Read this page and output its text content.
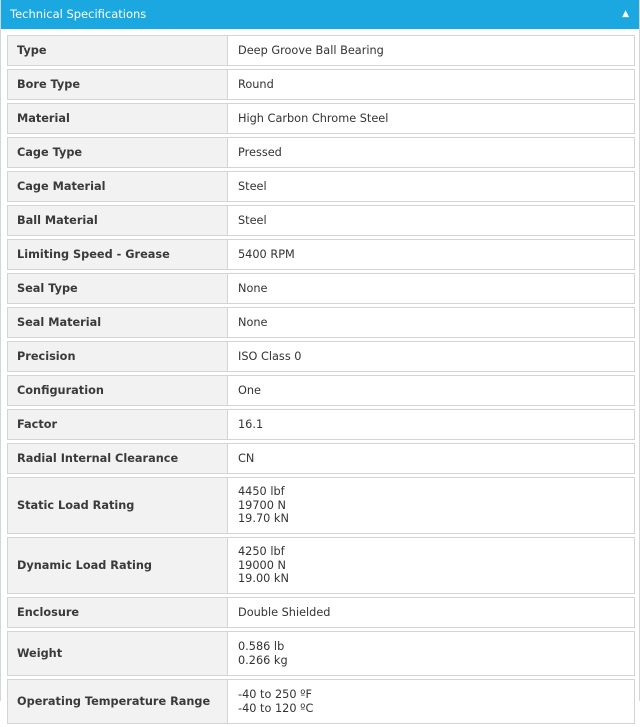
Technical Specifications	▲
Type	Deep Groove Ball Bearing

Bore Type	Round

Material	High Carbon Chrome Steel

Cage Type	Pressed

Cage Material	Steel

Ball Material	Steel

Limiting Speed - Grease	5400 RPM

Seal Type	None

Seal Material	None

Precision	ISO Class 0

Configuration	One

Factor	16.1

Radial Internal Clearance	CN

Static Load Rating	4450 lbf
19700 N
19.70 kN

Dynamic Load Rating	4250 lbf
19000 N
19.00 kN

Enclosure	Double Shielded

Weight	0.586 lb
0.266 kg

Operating Temperature Range	-40 to 250 ºF
-40 to 120 ºC
